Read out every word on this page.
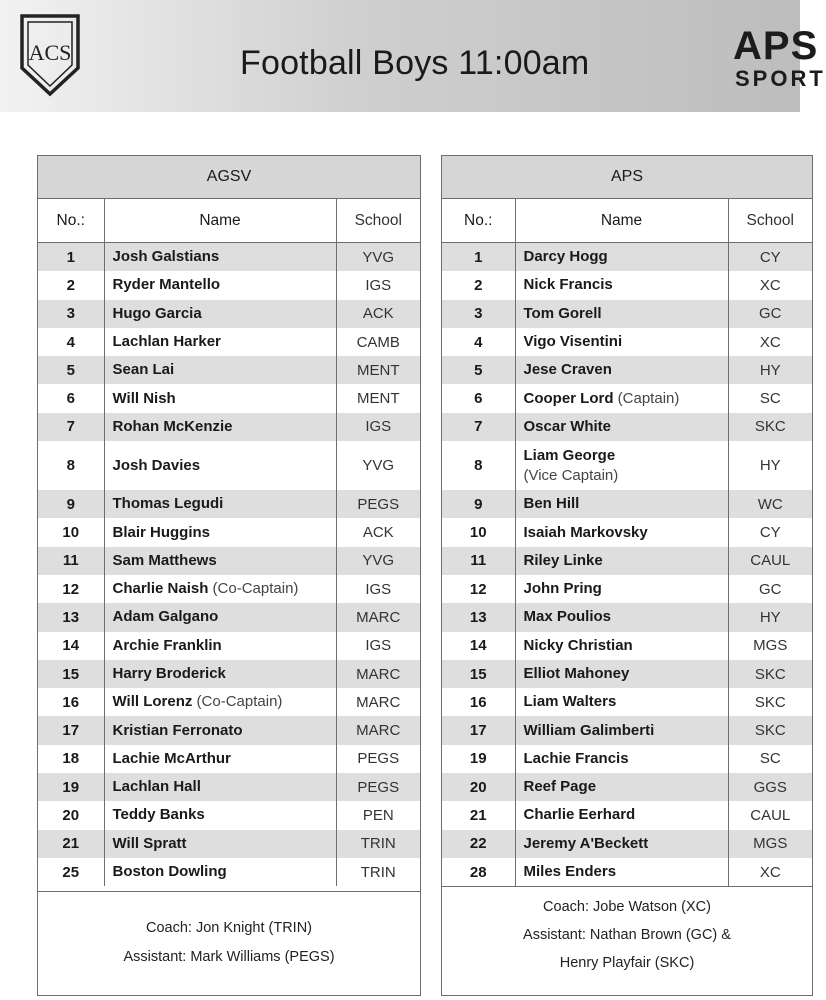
ACS	Football Boys 11:00am	APS
SPORT
AGSV		
No.:	Name	School
1	Josh Galstians	YVG
2	Ryder Mantello	IGS
3	Hugo Garcia	ACK
4	Lachlan Harker	CAMB
5	Sean Lai	MENT
6	Will Nish	MENT
7	Rohan McKenzie	IGS
8	Josh Davies	YVG
9	Thomas Legudi	PEGS
10	Blair Huggins	ACK
11	Sam Matthews	YVG
12	Charlie Naish (Co-Captain)	IGS
13	Adam Galgano	MARC
14	Archie Franklin	IGS
15	Harry Broderick	MARC
16	Will Lorenz (Co-Captain)	MARC
17	Kristian Ferronato	MARC
18	Lachie McArthur	PEGS
19	Lachlan Hall	PEGS
20	Teddy Banks	PEN
21	Will Spratt	TRIN
25	Boston Dowling	TRIN

Coach: Jon Knight (TRIN)

Assistant: Mark Williams (PEGS)

APS		
No.:	Name	School
1	Darcy Hogg	CY
2	Nick Francis	XC
3	Tom Gorell	GC
4	Vigo Visentini	XC
5	Jese Craven	HY
6	Cooper Lord (Captain)	SC
7	Oscar White	SKC
8	Liam George
(Vice Captain)	HY
9	Ben Hill	WC
10	Isaiah Markovsky	CY
11	Riley Linke	CAUL
12	John Pring	GC
13	Max Poulios	HY
14	Nicky Christian	MGS
15	Elliot Mahoney	SKC
16	Liam Walters	SKC
17	William Galimberti	SKC
19	Lachie Francis	SC
20	Reef Page	GGS
21	Charlie Eerhard	CAUL
22	Jeremy A'Beckett	MGS
28	Miles Enders	XC

Coach: Jobe Watson (XC)

Assistant: Nathan Brown (GC) &

Henry Playfair (SKC)
